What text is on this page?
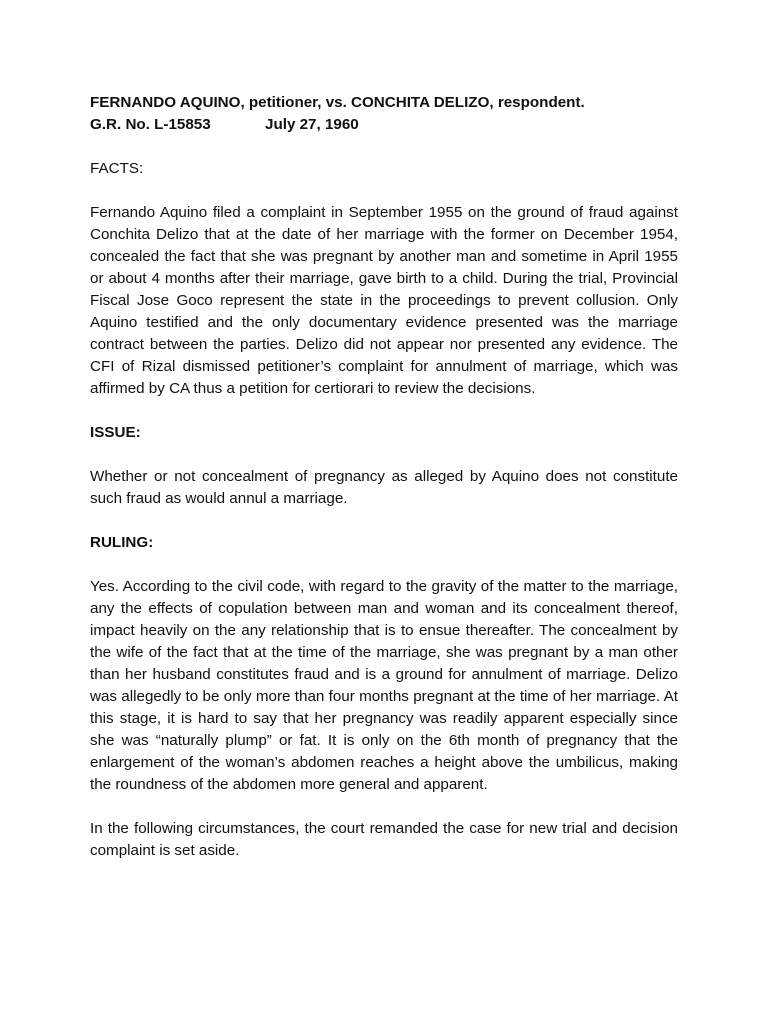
FERNANDO AQUINO, petitioner, vs. CONCHITA DELIZO, respondent.
G.R. No. L-15853	July 27, 1960
FACTS:
Fernando Aquino filed a complaint in September 1955 on the ground of fraud against Conchita Delizo that at the date of her marriage with the former on December 1954, concealed the fact that she was pregnant by another man and sometime in April 1955 or about 4 months after their marriage, gave birth to a child. During the trial, Provincial Fiscal Jose Goco represent the state in the proceedings to prevent collusion. Only Aquino testified and the only documentary evidence presented was the marriage contract between the parties. Delizo did not appear nor presented any evidence. The CFI of Rizal dismissed petitioner’s complaint for annulment of marriage, which was affirmed by CA thus a petition for certiorari to review the decisions.
ISSUE:
Whether or not concealment of pregnancy as alleged by Aquino does not constitute such fraud as would annul a marriage.
RULING:
Yes. According to the civil code, with regard to the gravity of the matter to the marriage, any the effects of copulation between man and woman and its concealment thereof, impact heavily on the any relationship that is to ensue thereafter. The concealment by the wife of the fact that at the time of the marriage, she was pregnant by a man other than her husband constitutes fraud and is a ground for annulment of marriage. Delizo was allegedly to be only more than four months pregnant at the time of her marriage. At this stage, it is hard to say that her pregnancy was readily apparent especially since she was “naturally plump” or fat. It is only on the 6th month of pregnancy that the enlargement of the woman’s abdomen reaches a height above the umbilicus, making the roundness of the abdomen more general and apparent.
In the following circumstances, the court remanded the case for new trial and decision complaint is set aside.
